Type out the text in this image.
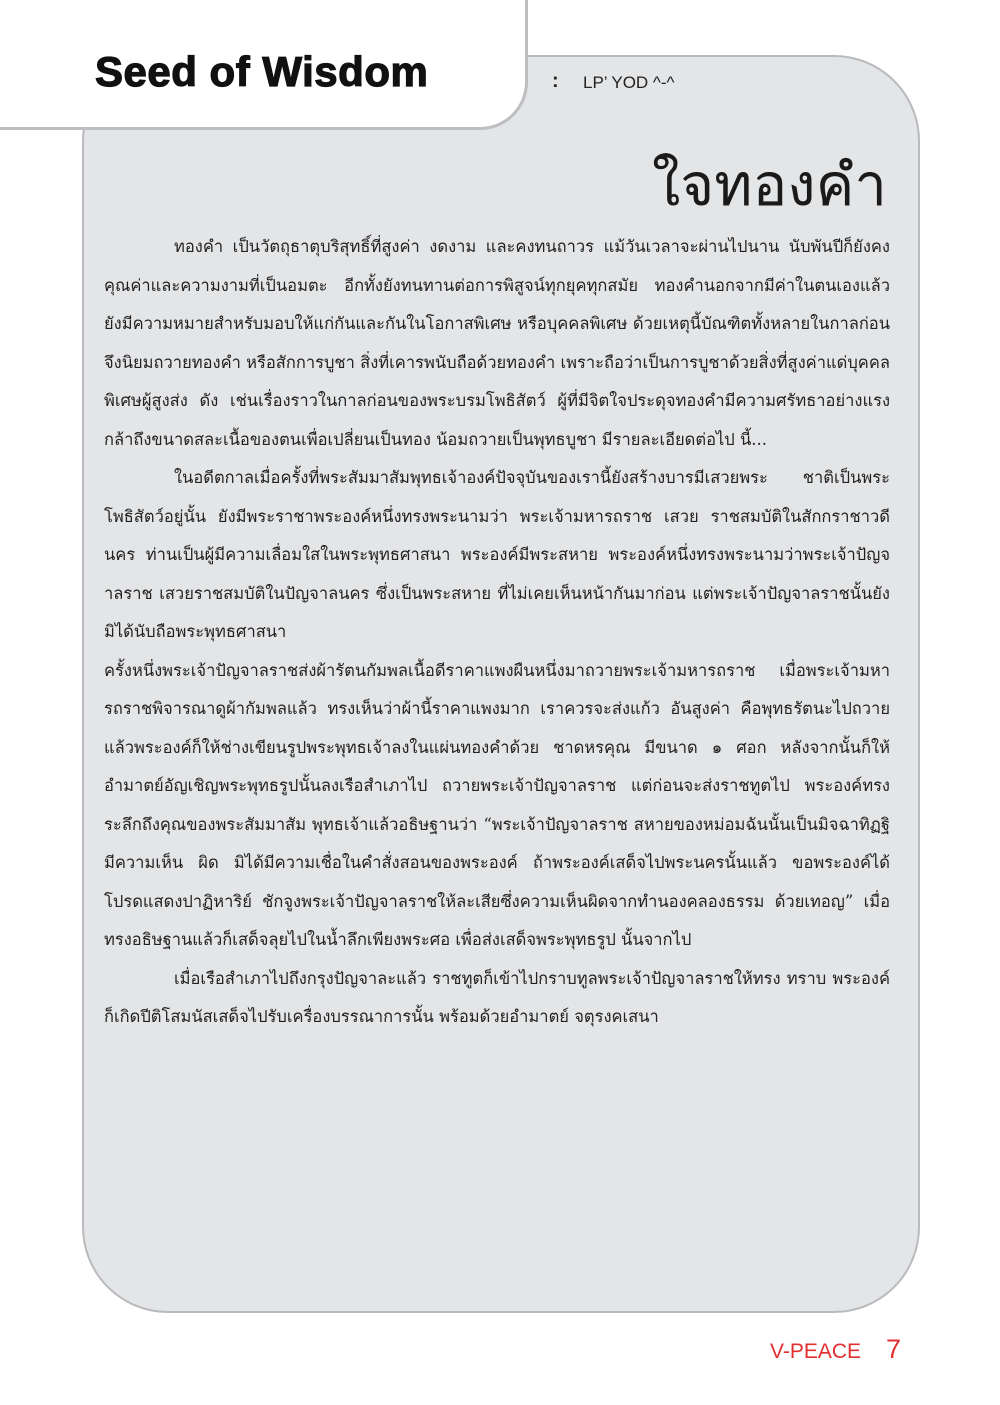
Seed of Wisdom	: LP’ YOD ^-^
ใจทองคำ

ทองคำ เป็นวัตถุธาตุบริสุทธิ์ที่สูงค่า งดงาม และคงทนถาวร แม้วันเวลาจะผ่านไปนาน นับพันปีก็ยังคงคุณค่าและความงามที่เป็นอมตะ อีกทั้งยังทนทานต่อการพิสูจน์ทุกยุคทุกสมัย ทองคำนอกจากมีค่าในตนเองแล้ว ยังมีความหมายสำหรับมอบให้แก่กันและกันในโอกาสพิเศษ หรือบุคคลพิเศษ ด้วยเหตุนี้บัณฑิตทั้งหลายในกาลก่อนจึงนิยมถวายทองคำ หรือสักการบูชา สิ่งที่เคารพนับถือด้วยทองคำ เพราะถือว่าเป็นการบูชาด้วยสิ่งที่สูงค่าแด่บุคคลพิเศษผู้สูงส่ง ดัง เช่นเรื่องราวในกาลก่อนของพระบรมโพธิสัตว์ ผู้ที่มีจิตใจประดุจทองคำมีความศรัทธาอย่างแรง กล้าถึงขนาดสละเนื้อของตนเพื่อเปลี่ยนเป็นทอง น้อมถวายเป็นพุทธบูชา มีรายละเอียดต่อไป นี้...

ในอดีตกาลเมื่อครั้งที่พระสัมมาสัมพุทธเจ้าองค์ปัจจุบันของเรานี้ยังสร้างบารมีเสวยพระ ชาติเป็นพระโพธิสัตว์อยู่นั้น ยังมีพระราชาพระองค์หนึ่งทรงพระนามว่า พระเจ้ามหารถราช เสวย ราชสมบัติในสักกราชาวดีนคร ท่านเป็นผู้มีความเลื่อมใสในพระพุทธศาสนา พระองค์มีพระสหาย พระองค์หนึ่งทรงพระนามว่าพระเจ้าปัญจาลราช เสวยราชสมบัติในปัญจาลนคร ซึ่งเป็นพระสหาย ที่ไม่เคยเห็นหน้ากันมาก่อน แต่พระเจ้าปัญจาลราชนั้นยังมิได้นับถือพระพุทธศาสนา

ครั้งหนึ่งพระเจ้าปัญจาลราชส่งผ้ารัตนกัมพลเนื้อดีราคาแพงผืนหนึ่งมาถวายพระเจ้ามหารถราช เมื่อพระเจ้ามหารถราชพิจารณาดูผ้ากัมพลแล้ว ทรงเห็นว่าผ้านี้ราคาแพงมาก เราควรจะส่งแก้ว อันสูงค่า คือพุทธรัตนะไปถวาย แล้วพระองค์ก็ให้ช่างเขียนรูปพระพุทธเจ้าลงในแผ่นทองคำด้วย ชาดหรคุณ มีขนาด ๑ ศอก หลังจากนั้นก็ให้อำมาตย์อัญเชิญพระพุทธรูปนั้นลงเรือสำเภาไป ถวายพระเจ้าปัญจาลราช แต่ก่อนจะส่งราชทูตไป พระองค์ทรงระลึกถึงคุณของพระสัมมาสัม พุทธเจ้าแล้วอธิษฐานว่า “พระเจ้าปัญจาลราช สหายของหม่อมฉันนั้นเป็นมิจฉาทิฏฐิมีความเห็น ผิด มิได้มีความเชื่อในคำสั่งสอนของพระองค์ ถ้าพระองค์เสด็จไปพระนครนั้นแล้ว ขอพระองค์ได้ โปรดแสดงปาฏิหาริย์ ชักจูงพระเจ้าปัญจาลราชให้ละเสียซึ่งความเห็นผิดจากทำนองคลองธรรม ด้วยเทอญ” เมื่อทรงอธิษฐานแล้วก็เสด็จลุยไปในน้ำลึกเพียงพระศอ เพื่อส่งเสด็จพระพุทธรูป นั้นจากไป

เมื่อเรือสำเภาไปถึงกรุงปัญจาละแล้ว ราชทูตก็เข้าไปกราบทูลพระเจ้าปัญจาลราชให้ทรง ทราบ พระองค์ก็เกิดปีติโสมนัสเสด็จไปรับเครื่องบรรณาการนั้น พร้อมด้วยอำมาตย์ จตุรงคเสนา

V-PEACE 7
